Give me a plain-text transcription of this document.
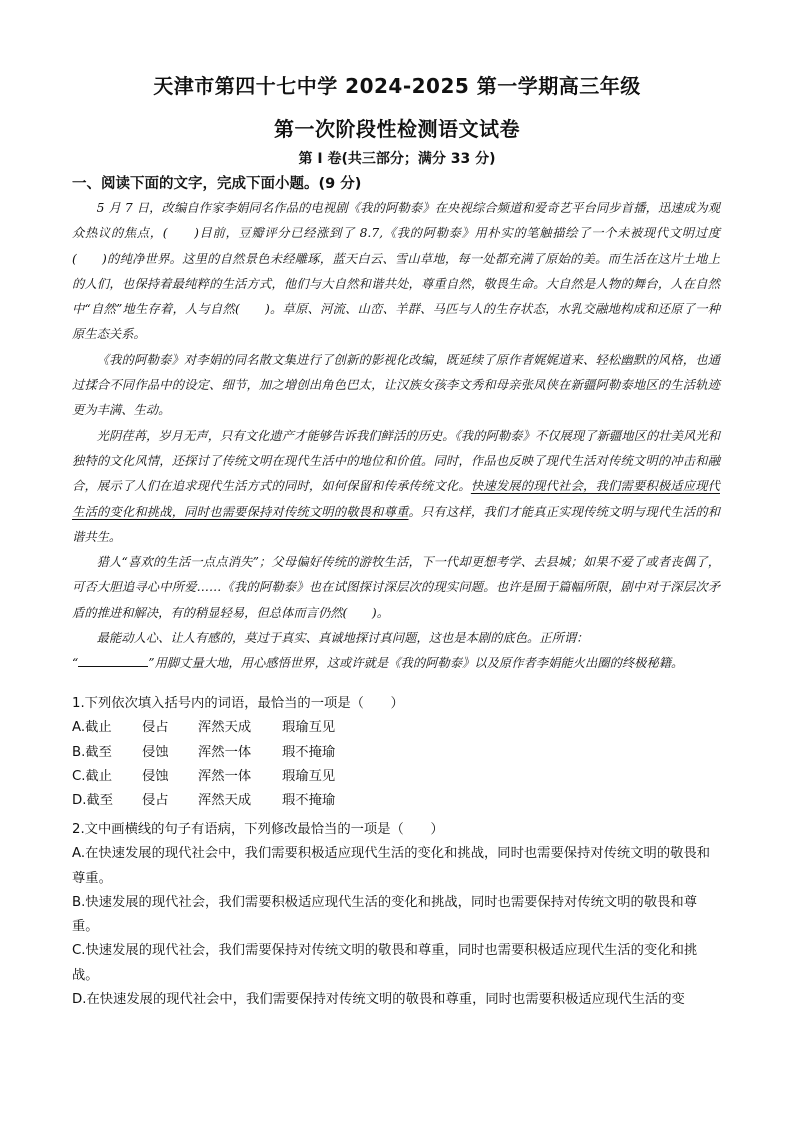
天津市第四十七中学 2024-2025 第一学期高三年级
第一次阶段性检测语文试卷
第 I 卷(共三部分；满分 33 分)
一、阅读下面的文字，完成下面小题。(9 分)

5 月 7 日，改编自作家李娟同名作品的电视剧《我的阿勒泰》在央视综合频道和爱奇艺平台同步首播，迅速成为观众热议的焦点，(　　)目前，豆瓣评分已经涨到了 8.7,《我的阿勒泰》用朴实的笔触描绘了一个未被现代文明过度(　　)的纯净世界。这里的自然景色未经雕琢，蓝天白云、雪山草地，每一处都充满了原始的美。而生活在这片土地上的人们，也保持着最纯粹的生活方式，他们与大自然和谐共处，尊重自然，敬畏生命。大自然是人物的舞台，人在自然中“自然”地生存着，人与自然(　　)。草原、河流、山峦、羊群、马匹与人的生存状态，水乳交融地构成和还原了一种原生态关系。

《我的阿勒泰》对李娟的同名散文集进行了创新的影视化改编，既延续了原作者娓娓道来、轻松幽默的风格，也通过揉合不同作品中的设定、细节，加之增创出角色巴太，让汉族女孩李文秀和母亲张凤侠在新疆阿勒泰地区的生活轨迹更为丰满、生动。

光阴荏苒，岁月无声，只有文化遗产才能够告诉我们鲜活的历史。《我的阿勒泰》不仅展现了新疆地区的壮美风光和独特的文化风情，还探讨了传统文明在现代生活中的地位和价值。同时，作品也反映了现代生活对传统文明的冲击和融合，展示了人们在追求现代生活方式的同时，如何保留和传承传统文化。快速发展的现代社会，我们需要积极适应现代生活的变化和挑战，同时也需要保持对传统文明的敬畏和尊重。只有这样，我们才能真正实现传统文明与现代生活的和谐共生。

猎人“喜欢的生活一点点消失”；父母偏好传统的游牧生活，下一代却更想考学、去县城；如果不爱了或者丧偶了，可否大胆追寻心中所爱……《我的阿勒泰》也在试图探讨深层次的现实问题。也许是囿于篇幅所限，剧中对于深层次矛盾的推进和解决，有的稍显轻易，但总体而言仍然(　　)。

最能动人心、让人有感的，莫过于真实、真诚地探讨真问题，这也是本剧的底色。正所谓：

“	”用脚丈量大地，用心感悟世界，这或许就是《我的阿勒泰》以及原作者李娟能火出圈的终极秘籍。

1.下列依次填入括号内的词语，最恰当的一项是（　　）
A.截止	侵占	浑然天成	瑕瑜互见
B.截至	侵蚀	浑然一体	瑕不掩瑜
C.截止	侵蚀	浑然一体	瑕瑜互见
D.截至	侵占	浑然天成	瑕不掩瑜
2.文中画横线的句子有语病，下列修改最恰当的一项是（　　）
A.在快速发展的现代社会中，我们需要积极适应现代生活的变化和挑战，同时也需要保持对传统文明的敬畏和尊重。
B.快速发展的现代社会，我们需要积极适应现代生活的变化和挑战，同时也需要保持对传统文明的敬畏和尊重。
C.快速发展的现代社会，我们需要保持对传统文明的敬畏和尊重，同时也需要积极适应现代生活的变化和挑战。
D.在快速发展的现代社会中，我们需要保持对传统文明的敬畏和尊重，同时也需要积极适应现代生活的变
